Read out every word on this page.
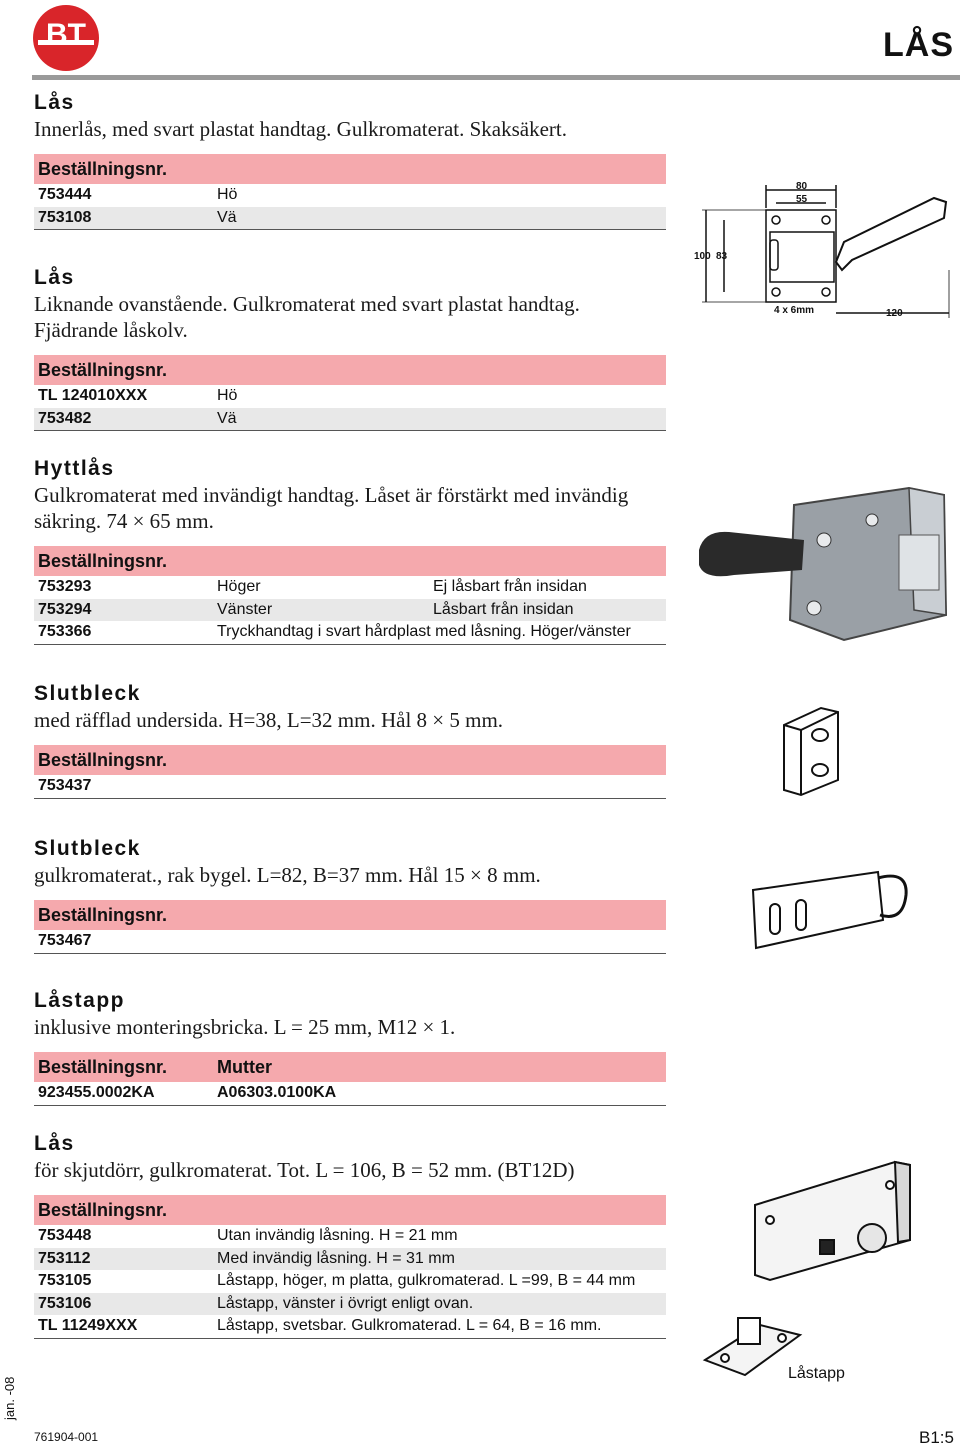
BT	LÅS
Lås
Innerlås, med svart plastat handtag. Gulkromaterat. Skaksäkert.
Beställningsnr.
753444	Hö
753108	Vä
Lås
Liknande ovanstående. Gulkromaterat med svart plastat handtag.
Fjädrande låskolv.
Beställningsnr.
TL 124010XXX	Hö
753482	Vä
Hyttlås
Gulkromaterat med invändigt handtag. Låset är förstärkt med invändig
säkring. 74 × 65 mm.
Beställningsnr.
753293	Höger	Ej låsbart från insidan
753294	Vänster	Låsbart från insidan
753366	Tryckhandtag i svart hårdplast med låsning. Höger/vänster
Slutbleck
med räfflad undersida. H=38, L=32 mm. Hål 8 × 5 mm.
Beställningsnr.
753437
Slutbleck
gulkromaterat., rak bygel. L=82, B=37 mm. Hål 15 × 8 mm.
Beställningsnr.
753467
Låstapp
inklusive monteringsbricka. L = 25 mm, M12 × 1.
Beställningsnr.	Mutter
923455.0002KA	A06303.0100KA
Lås
för skjutdörr, gulkromaterat. Tot. L = 106, B = 52 mm. (BT12D)
Beställningsnr.
753448	Utan invändig låsning. H = 21 mm
753112	Med invändig låsning. H = 31 mm
753105	Låstapp, höger, m platta, gulkromaterad. L =99, B = 44 mm
753106	Låstapp, vänster i övrigt enligt ovan.
TL 11249XXX	Låstapp, svetsbar. Gulkromaterad. L = 64, B = 16 mm.
80
55
100 83
4 x 6mm	120
Låstapp
jan. -08
761904-001	B1:5
